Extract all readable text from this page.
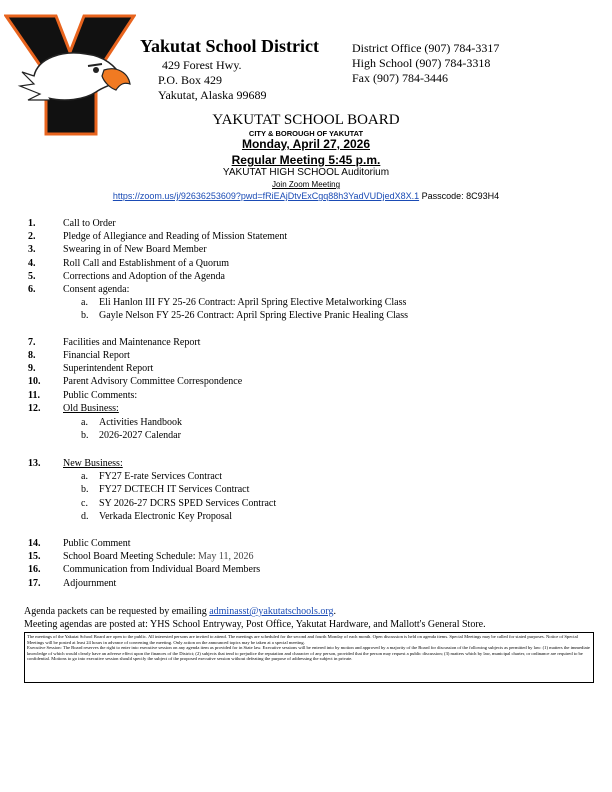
Yakutat School District
429 Forest Hwy.
P.O. Box 429
Yakutat, Alaska 99689
District Office (907) 784-3317
High School (907) 784-3318
Fax (907) 784-3446
YAKUTAT SCHOOL BOARD
CITY & BOROUGH OF YAKUTAT
Monday, April 27, 2026
Regular Meeting 5:45 p.m.
YAKUTAT HIGH SCHOOL Auditorium
Join Zoom Meeting
https://zoom.us/j/92636253609?pwd=fRiEAjDtvExCgq88h3YadVUDjedX8X.1 Passcode: 8C93H4
1.	Call to Order
2.	Pledge of Allegiance and Reading of Mission Statement
3.	Swearing in of New Board Member
4.	Roll Call and Establishment of a Quorum
5.	Corrections and Adoption of the Agenda
6.	Consent agenda:
a. Eli Hanlon III FY 25-26 Contract: April Spring Elective Metalworking Class
b. Gayle Nelson FY 25-26 Contract: April Spring Elective Pranic Healing Class
7.	Facilities and Maintenance Report
8.	Financial Report
9.	Superintendent Report
10. Parent Advisory Committee Correspondence
11. Public Comments:
12. Old Business:
a. Activities Handbook
b. 2026-2027 Calendar
13. New Business:
a. FY27 E-rate Services Contract
b. FY27 DCTECH IT Services Contract
c. SY 2026-27 DCRS SPED Services Contract
d. Verkada Electronic Key Proposal
14. Public Comment
15. School Board Meeting Schedule: May 11, 2026
16. Communication from Individual Board Members
17. Adjournment
Agenda packets can be requested by emailing adminasst@yakutatschools.org.
Meeting agendas are posted at: YHS School Entryway, Post Office, Yakutat Hardware, and Mallott's General Store.
The meetings of the Yakutat School Board are open to the public. All interested persons are invited to attend. The meetings are scheduled for the second and fourth Monday of each month. Open discussion is held on agenda items. Special Meetings may be called for stated purposes. Notice of Special Meetings will be posted at least 24 hours in advance of convening the meeting. Only action on the announced topics may be taken at a special meeting.
Executive Session: The Board reserves the right to enter into executive session on any agenda item as provided for in State law. Executive sessions will be entered into by motion and approved by a majority of the Board for discussion of the following subjects as permitted by law: (1) matters the immediate knowledge of which would clearly have an adverse effect upon the finances of the District; (2) subjects that tend to prejudice the reputation and character of any person, provided that the person may request a public discussion; (3) matters which by law, municipal charter, or ordinance are required to be confidential. Motions to go into executive session should specify the subject of the proposed executive session without defeating the purpose of addressing the subject in private.
